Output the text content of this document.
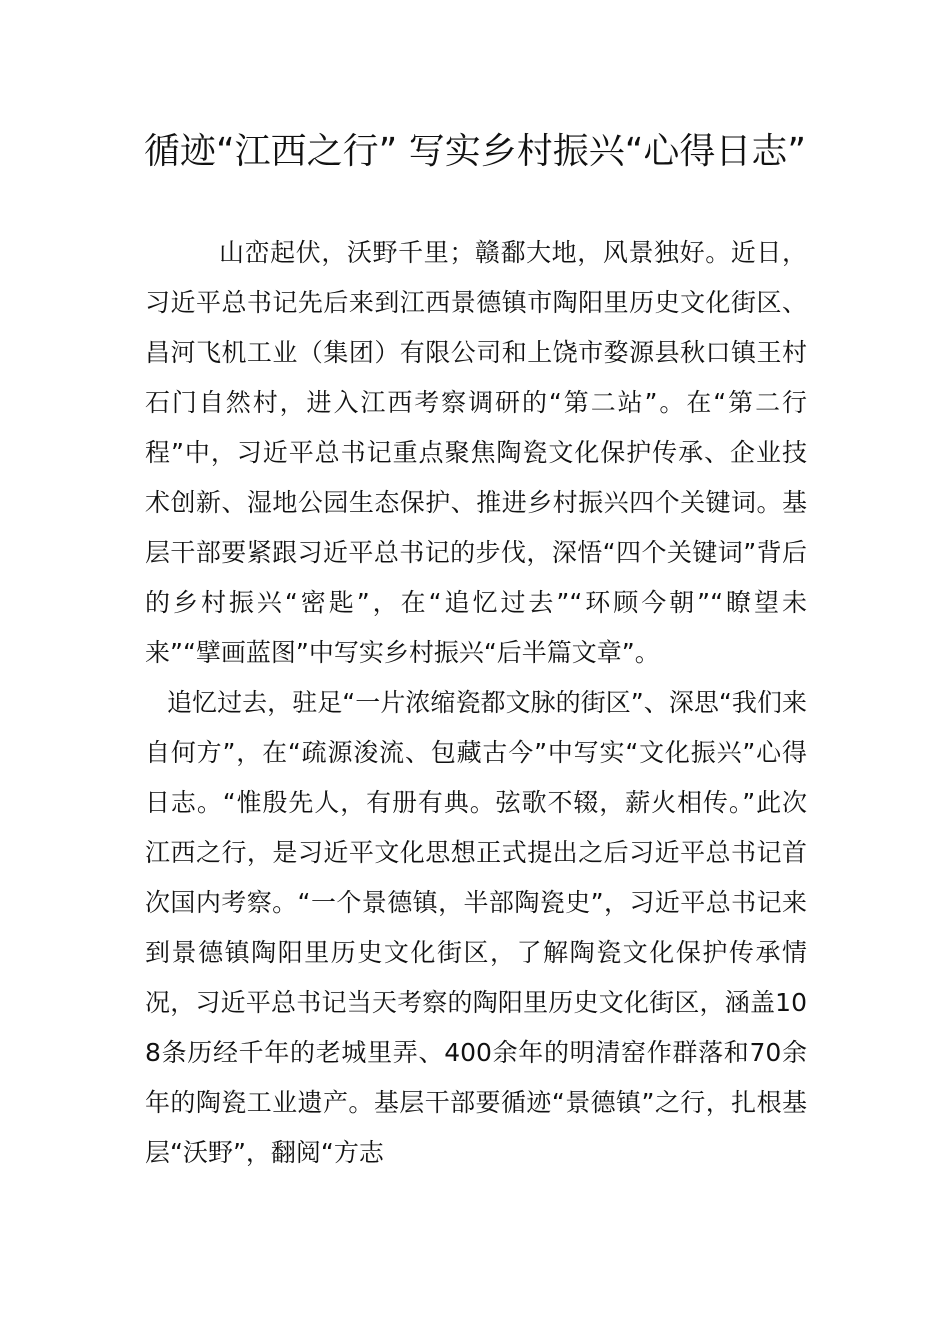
循迹“江西之行” 写实乡村振兴“心得日志”

山峦起伏，沃野千里；赣鄱大地，风景独好。近日，习近平总书记先后来到江西景德镇市陶阳里历史文化街区、昌河飞机工业（集团）有限公司和上饶市婺源县秋口镇王村石门自然村，进入江西考察调研的“第二站”。在“第二行程”中，习近平总书记重点聚焦陶瓷文化保护传承、企业技术创新、湿地公园生态保护、推进乡村振兴四个关键词。基层干部要紧跟习近平总书记的步伐，深悟“四个关键词”背后的乡村振兴“密匙”，在“追忆过去”“环顾今朝”“瞭望未来”“擘画蓝图”中写实乡村振兴“后半篇文章”。

追忆过去，驻足“一片浓缩瓷都文脉的街区”、深思“我们来自何方”，在“疏源浚流、包藏古今”中写实“文化振兴”心得日志。“惟殷先人，有册有典。弦歌不辍，薪火相传。”此次江西之行，是习近平文化思想正式提出之后习近平总书记首次国内考察。“一个景德镇，半部陶瓷史”，习近平总书记来到景德镇陶阳里历史文化街区，了解陶瓷文化保护传承情况，习近平总书记当天考察的陶阳里历史文化街区，涵盖108条历经千年的老城里弄、400余年的明清窑作群落和70余年的陶瓷工业遗产。基层干部要循迹“景德镇”之行，扎根基层“沃野”，翻阅“方志
